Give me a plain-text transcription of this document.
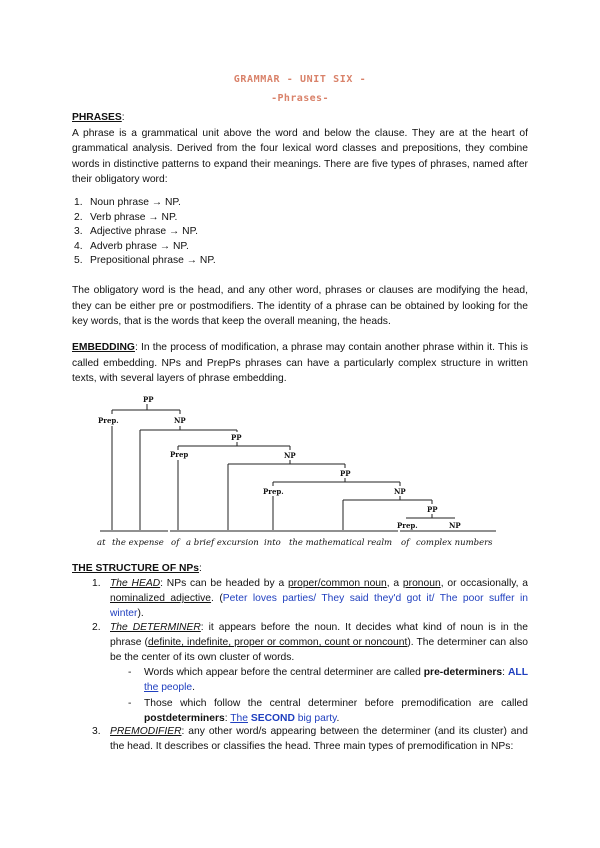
GRAMMAR - UNIT SIX -
-Phrases-
PHRASES:
A phrase is a grammatical unit above the word and below the clause. They are at the heart of grammatical analysis. Derived from the four lexical word classes and prepositions, they combine words in distinctive patterns to expand their meanings. There are five types of phrases, named after their obligatory word:
1. Noun phrase → NP.
2. Verb phrase → NP.
3. Adjective phrase → NP.
4. Adverb phrase → NP.
5. Prepositional phrase → NP.
The obligatory word is the head, and any other word, phrases or clauses are modifying the head, they can be either pre or postmodifiers. The identity of a phrase can be obtained by looking for the key words, that is the words that keep the overall meaning, the heads.
EMBEDDING: In the process of modification, a phrase may contain another phrase within it. This is called embedding. NPs and PrepPs phrases can have a particularly complex structure in written texts, with several layers of phrase embedding.
PP
Prep.	NP
PP
Prep	NP
PP
Prep.	NP
PP
Prep.	NP
at the expense of a brief excursion into the mathematical realm of complex numbers
THE STRUCTURE OF NPs:
1. The HEAD: NPs can be headed by a proper/common noun, a pronoun, or occasionally, a nominalized adjective. (Peter loves parties/ They said they'd got it/ The poor suffer in winter).
2. The DETERMINER: it appears before the noun. It decides what kind of noun is in the phrase (definite, indefinite, proper or common, count or noncount). The determiner can also be the center of its own cluster of words.
- Words which appear before the central determiner are called pre-determiners: ALL the people.
- Those which follow the central determiner before premodification are called postdeterminers: The SECOND big party.
3. PREMODIFIER: any other word/s appearing between the determiner (and its cluster) and the head. It describes or classifies the head. Three main types of premodification in NPs:
